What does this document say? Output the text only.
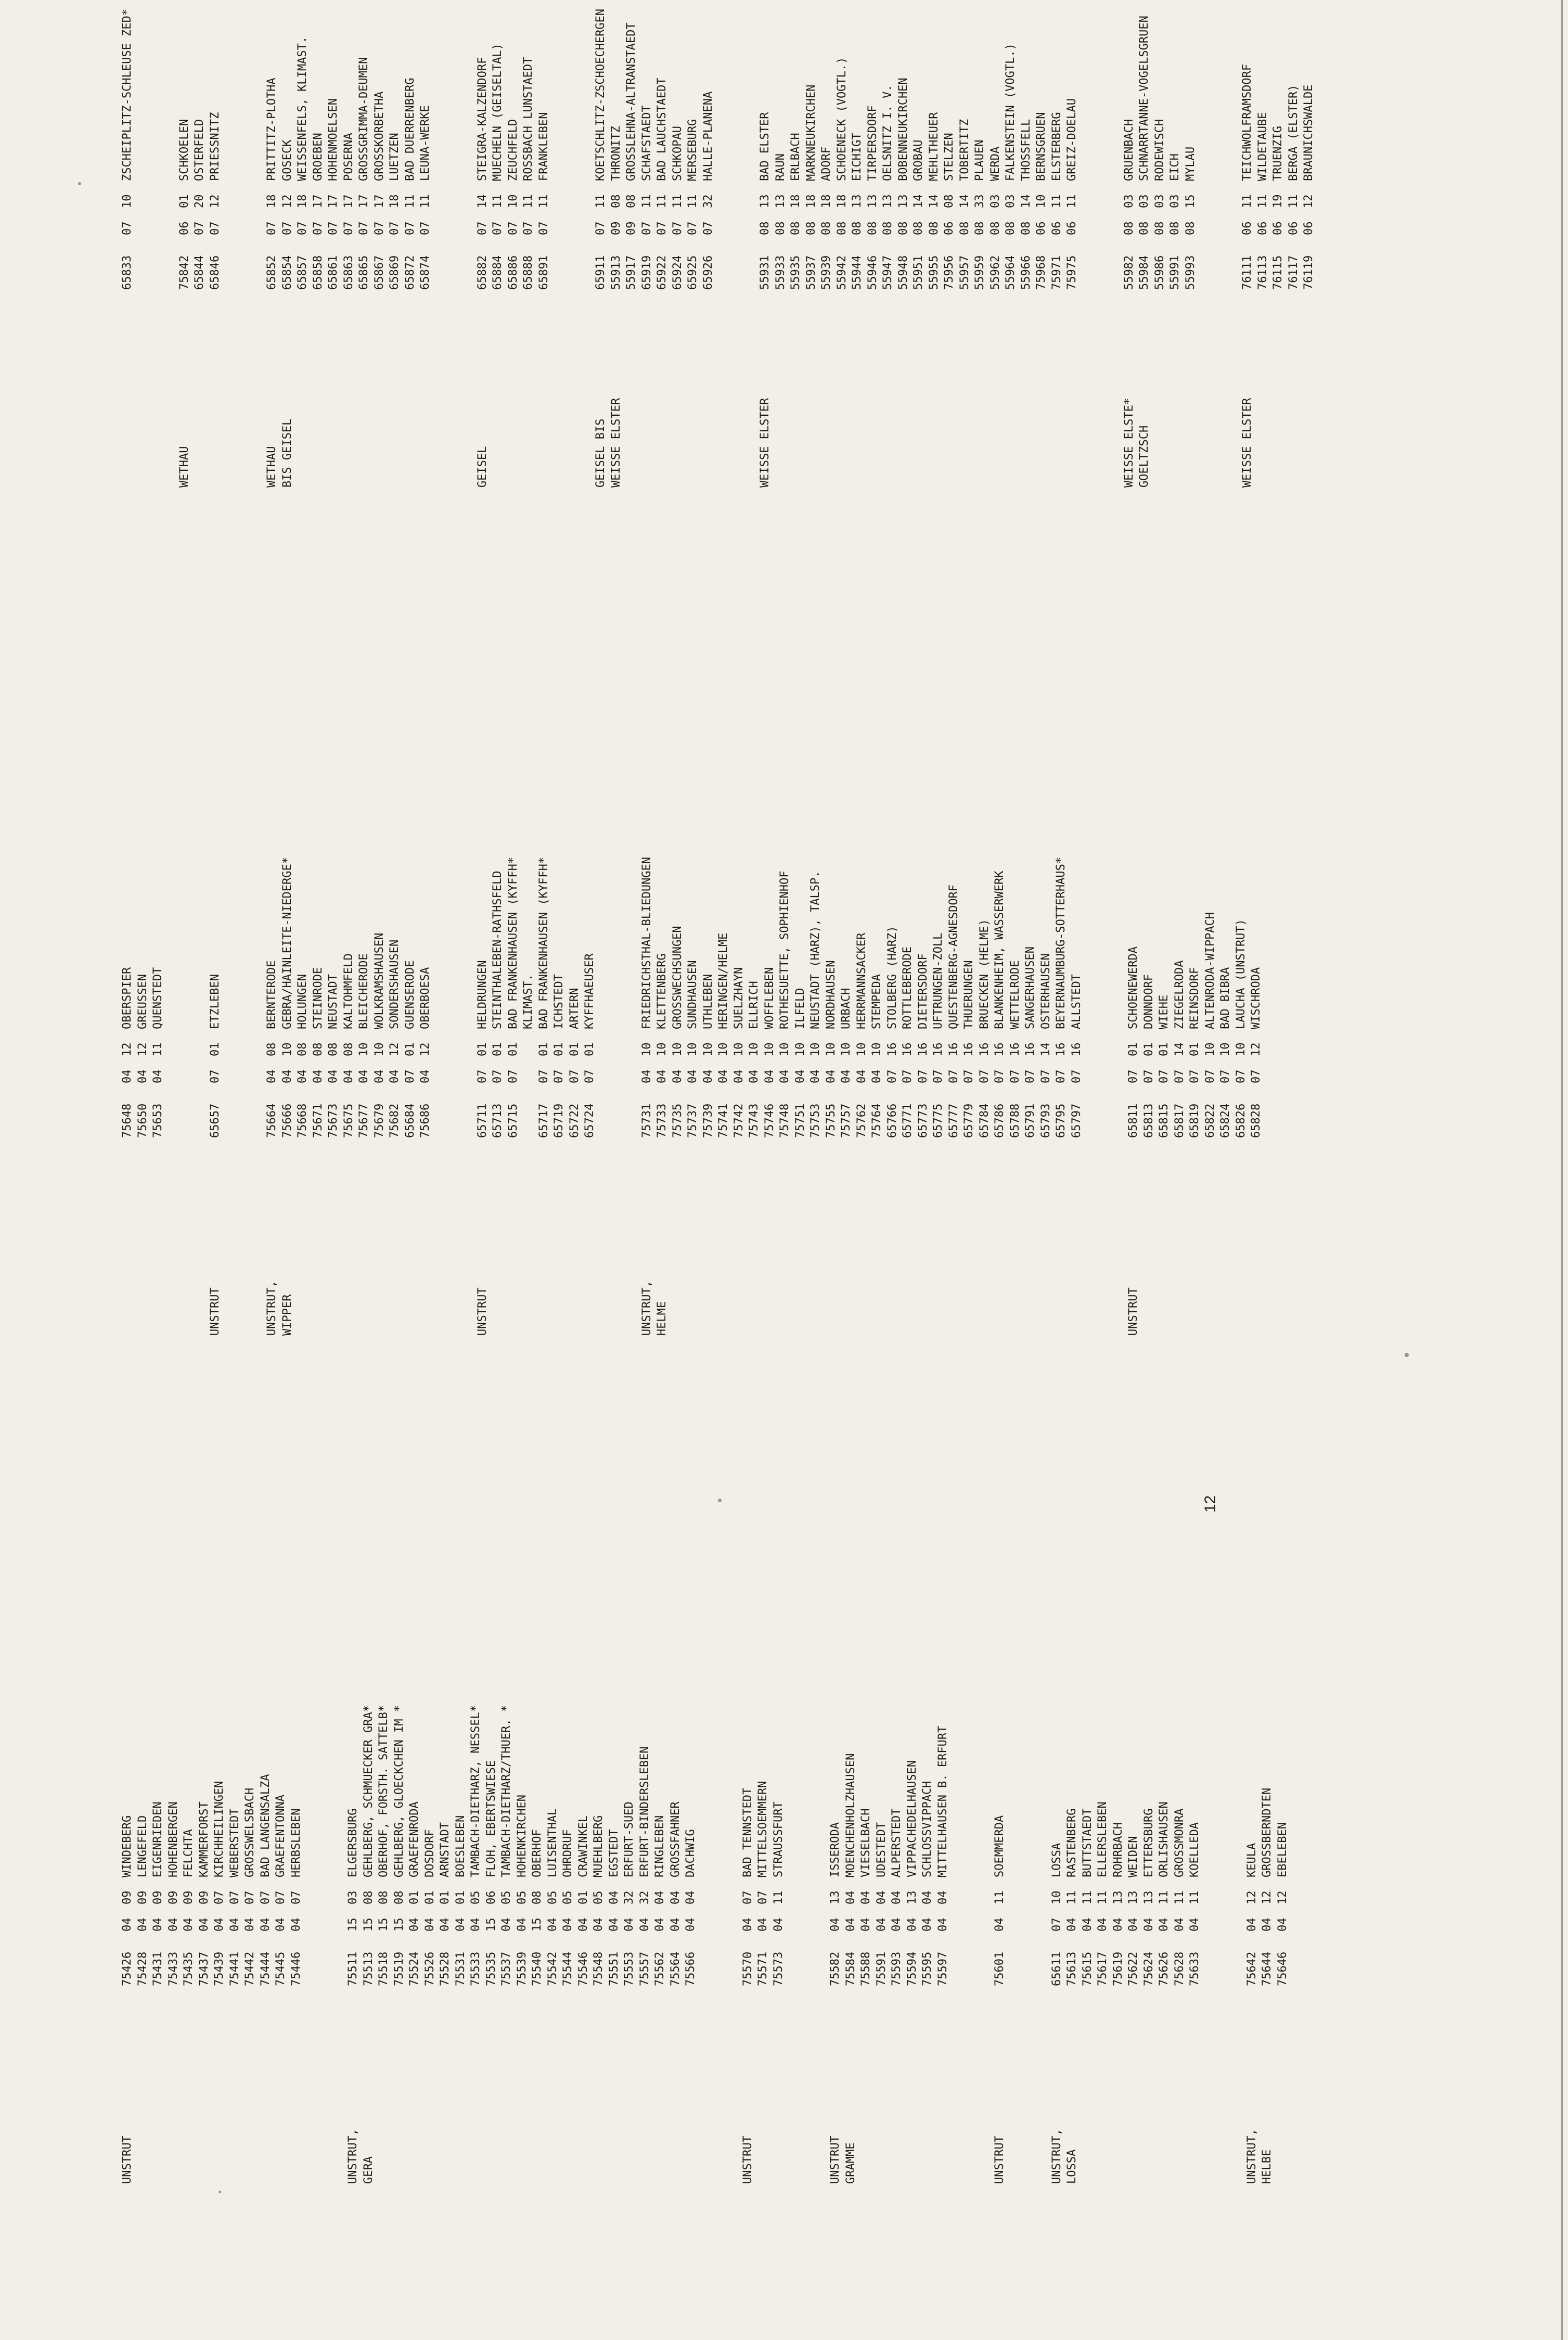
UNSTRUT
75426
04
09
WINDEBERG
75428
04
09
LENGEFELD
75431
04
09
EIGENRIEDEN
75433
04
09
HOHENBERGEN
75435
04
09
FELCHTA
75437
04
09
KAMMERFORST
75439
04
07
KIRCHHEILINGEN
75441
04
07
WEBERSTEDT
75442
04
07
GROSSWELSBACH
75444
04
07
BAD LANGENSALZA
75445
04
07
GRAEFENTONNA
75446
04
07
HERBSLEBEN
UNSTRUT,
75511
15
03
ELGERSBURG
GERA
75513
15
08
GEHLBERG, SCHMUECKER GRA*
75518
15
08
OBERHOF, FORSTH. SATTELB*
75519
15
08
GEHLBERG, GLOECKCHEN IM *
75524
04
01
GRAEFENRODA
75526
04
01
DOSDORF
75528
04
01
ARNSTADT
75531
04
01
BOESLEBEN
75533
04
05
TAMBACH-DIETHARZ, NESSEL*
75535
15
06
FLOH, EBERTSWIESE
75537
04
05
TAMBACH-DIETHARZ/THUER. *
75539
04
05
HOHENKIRCHEN
75540
15
08
OBERHOF
75542
04
05
LUISENTHAL
75544
04
05
OHRDRUF
75546
04
01
CRAWINKEL
75548
04
05
MUEHLBERG
75551
04
04
EGSTEDT
75553
04
32
ERFURT-SUED
75557
04
32
ERFURT-BINDERSLEBEN
75562
04
04
RINGLEBEN
75564
04
04
GROSSFAHNER
75566
04
04
DACHWIG
UNSTRUT
75570
04
07
BAD TENNSTEDT
75571
04
07
MITTELSOEMMERN
75573
04
11
STRAUSSFURT
UNSTRUT
75582
04
13
ISSERODA
GRAMME
75584
04
04
MOENCHENHOLZHAUSEN
75588
04
04
VIESELBACH
75591
04
04
UDESTEDT
75593
04
04
ALPERSTEDT
75594
04
13
VIPPACHEDELHAUSEN
75595
04
04
SCHLOSSVIPPACH
75597
04
04
MITTELHAUSEN B. ERFURT
UNSTRUT
75601
04
11
SOEMMERDA
UNSTRUT,
65611
07
10
LOSSA
LOSSA
75613
04
11
RASTENBERG
75615
04
11
BUTTSTAEDT
75617
04
11
ELLERSLEBEN
75619
04
13
ROHRBACH
75622
04
13
WEIDEN
75624
04
13
ETTERSBURG
75626
04
11
ORLISHAUSEN
75628
04
11
GROSSMONRA
75633
04
11
KOELLEDA
UNSTRUT,
75642
04
12
KEULA
HELBE
75644
04
12
GROSSBERNDTEN
75646
04
12
EBELEBEN
75648
04
12
OBERSPIER
75650
04
12
GREUSSEN
75653
04
11
QUENSTEDT
UNSTRUT
65657
07
01
ETZLEBEN
UNSTRUT,
75664
04
08
BERNTERODE
WIPPER
75666
04
10
GEBRA/HAINLEITE-NIEDERGE*
75668
04
08
HOLUNGEN
75671
04
08
STEINRODE
75673
04
08
NEUSTADT
75675
04
08
KALTOHMFELD
75677
04
10
BLEICHERODE
75679
04
10
WOLKRAMSHAUSEN
75682
04
12
SONDERSHAUSEN
65684
07
01
GUENSERODE
75686
04
12
OBERBOESA
UNSTRUT
65711
07
01
HELDRUNGEN
65713
07
01
STEINTHALEBEN-RATHSFELD
65715
07
01
BAD FRANKENHAUSEN (KYFFH* KLIMAST.
65717
07
01
BAD FRANKENHAUSEN (KYFFH*
65719
07
01
ICHSTEDT
65722
07
01
ARTERN
65724
07
01
KYFFHAEUSER
UNSTRUT,
75731
04
10
FRIEDRICHSTHAL-BLIEDUNGEN
HELME
75733
04
10
KLETTENBERG
75735
04
10
GROSSWECHSUNGEN
75737
04
10
SUNDHAUSEN
75739
04
10
UTHLEBEN
75741
04
10
HERINGEN/HELME
75742
04
10
SUELZHAYN
75743
04
10
ELLRICH
75746
04
10
WOFFLEBEN
75748
04
10
ROTHESUETTE, SOPHIENHOF
75751
04
10
ILFELD
75753
04
10
NEUSTADT (HARZ), TALSP.
75755
04
10
NORDHAUSEN
75757
04
10
URBACH
75762
04
10
HERRMANNSACKER
75764
04
10
STEMPEDA
65766
07
16
STOLBERG (HARZ)
65771
07
16
ROTTLEBERODE
65773
07
16
DIETERSDORF
65775
07
16
UFTRUNGEN-ZOLL
65777
07
16
QUESTENBERG-AGNESDORF
65779
07
16
THUERUNGEN
65784
07
16
BRUECKEN (HELME)
65786
07
16
BLANKENHEIM, WASSERWERK
65788
07
16
WETTELRODE
65791
07
16
SANGERHAUSEN
65793
07
14
OSTERHAUSEN
65795
07
16
BEYERNAUMBURG-SOTTERHAUS*
65797
07
16
ALLSTEDT
UNSTRUT
65811
07
01
SCHOENEWERDA
65813
07
01
DONNDORF
65815
07
01
WIEHE
65817
07
14
ZIEGELRODA
65819
07
01
REINSDORF
65822
07
10
ALTENRODA-WIPPACH
65824
07
10
BAD BIBRA
65826
07
10
LAUCHA (UNSTRUT)
65828
07
12
WISCHRODA
65833
07
10
ZSCHEIPLITZ-SCHLEUSE ZED*
WETHAU
75842
06
01
SCHKOELEN
65844
07
20
OSTERFELD
65846
07
12
PRIESSNITZ
WETHAU
65852
07
18
PRITTITZ-PLOTHA
BIS GEISEL
65854
07
12
GOSECK
65857
07
18
WEISSENFELS, KLIMAST.
65858
07
17
GROEBEN
65861
07
17
HOHENMOELSEN
65863
07
17
POSERNA
65865
07
17
GROSSGRIMMA-DEUMEN
65867
07
17
GROSSKORBETHA
65869
07
18
LUETZEN
65872
07
11
BAD DUERRENBERG
65874
07
11
LEUNA-WERKE
GEISEL
65882
07
14
STEIGRA-KALZENDORF
65884
07
11
MUECHELN (GEISELTAL)
65886
07
10
ZEUCHFELD
65888
07
11
ROSSBACH LUNSTAEDT
65891
07
11
FRANKLEBEN
GEISEL BIS
65911
07
11
KOETSCHLITZ-ZSCHOECHERGEN
WEISSE ELSTER
55913
09
08
THRONITZ
55917
09
08
GROSSLEHNA-ALTRANSTAEDT
65919
07
11
SCHAFSTAEDT
65922
07
11
BAD LAUCHSTAEDT
65924
07
11
SCHKOPAU
65925
07
11
MERSEBURG
65926
07
32
HALLE-PLANENA
WEISSE ELSTER
55931
08
13
BAD ELSTER
55933
08
13
RAUN
55935
08
18
ERLBACH
55937
08
18
MARKNEUKIRCHEN
55939
08
18
ADORF
55942
08
18
SCHOENECK (VOGTL.)
55944
08
13
EICHIGT
55946
08
13
TIRPERSDORF
55947
08
13
OELSNITZ I. V.
55948
08
13
BOBENNEUKIRCHEN
55951
08
14
GROBAU
55955
08
14
MEHLTHEUER
75956
06
08
STELZEN
55957
08
14
TOBERTITZ
55959
08
33
PLAUEN
55962
08
03
WERDA
55964
08
03
FALKENSTEIN (VOGTL.)
55966
08
14
THOSSFELL
75968
06
10
BERNSGRUEN
75971
06
11
ELSTERBERG
75975
06
11
GREIZ-DOELAU
WEISSE ELSTE*
55982
08
03
GRUENBACH
GOELTZSCH
55984
08
03
SCHNARRTANNE-VOGELSGRUEN
55986
08
03
RODEWISCH
55991
08
03
EICH
55993
08
15
MYLAU
WEISSE ELSTER
76111
06
11
TEICHWOLFRAMSDORF
76113
06
11
WILDETAUBE
76115
06
19
TRUENZIG
76117
06
11
BERGA (ELSTER)
76119
06
12
BRAUNICHSWALDE
12
